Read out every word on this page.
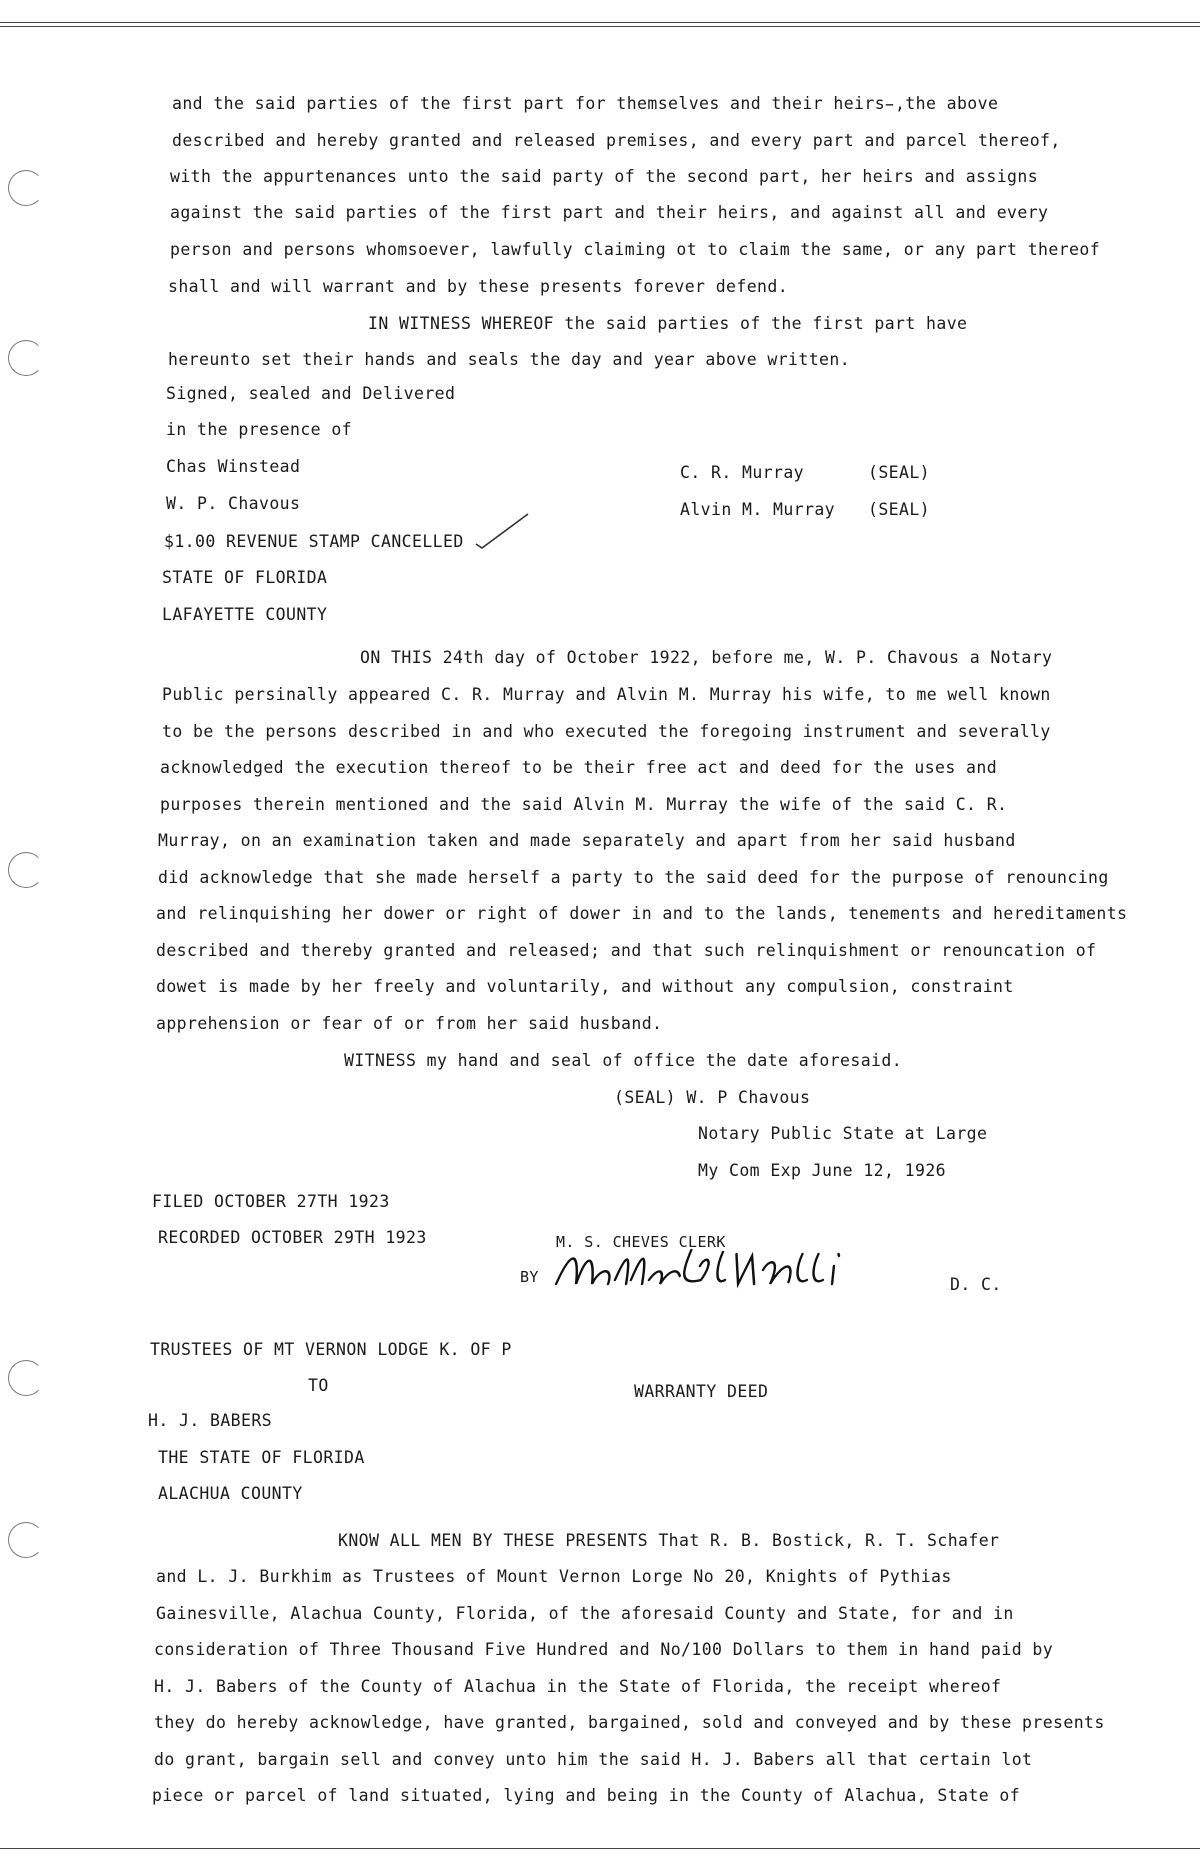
and the said parties of the first part for themselves and their heirs̵,the above
described and hereby granted and released premises, and every part and parcel thereof,
with the appurtenances unto the said party of the second part, her heirs and assigns
against the said parties of the first part and their heirs, and against all and every
person and persons whomsoever, lawfully claiming ot to claim the same, or any part thereof
shall and will warrant and by these presents forever defend.
IN WITNESS WHEREOF the said parties of the first part have
hereunto set their hands and seals the day and year above written.
Signed, sealed and Delivered
in the presence of
Chas Winstead
W. P. Chavous
C. R. Murray	(SEAL)
Alvin M. Murray (SEAL)
$1.00 REVENUE STAMP CANCELLED
STATE OF FLORIDA
LAFAYETTE COUNTY
ON THIS 24th day of October 1922, before me, W. P. Chavous a Notary
Public persinally appeared C. R. Murray and Alvin M. Murray his wife, to me well known
to be the persons described in and who executed the foregoing instrument and severally
acknowledged the execution thereof to be their free act and deed for the uses and
purposes therein mentioned and the said Alvin M. Murray the wife of the said C. R.
Murray, on an examination taken and made separately and apart from her said husband
did acknowledge that she made herself a party to the said deed for the purpose of renouncing
and relinquishing her dower or right of dower in and to the lands, tenements and hereditaments
described and thereby granted and released; and that such relinquishment or renouncation of
dowet is made by her freely and voluntarily, and without any compulsion, constraint
apprehension or fear of or from her said husband.
WITNESS my hand and seal of office the date aforesaid.
(SEAL) W. P Chavous
Notary Public State at Large
My Com Exp June 12, 1926
FILED OCTOBER 27TH 1923
RECORDED OCTOBER 29TH 1923	M. S. CHEVES CLERK
BY	D. C.
TRUSTEES OF MT VERNON LODGE K. OF P
TO	WARRANTY DEED
H. J. BABERS
THE STATE OF FLORIDA
ALACHUA COUNTY
KNOW ALL MEN BY THESE PRESENTS That R. B. Bostick, R. T. Schafer
and L. J. Burkhim as Trustees of Mount Vernon Lorge No 20, Knights of Pythias
Gainesville, Alachua County, Florida, of the aforesaid County and State, for and in
consideration of Three Thousand Five Hundred and No/100 Dollars to them in hand paid by
H. J. Babers of the County of Alachua in the State of Florida, the receipt whereof
they do hereby acknowledge, have granted, bargained, sold and conveyed and by these presents
do grant, bargain sell and convey unto him the said H. J. Babers all that certain lot
piece or parcel of land situated, lying and being in the County of Alachua, State of
